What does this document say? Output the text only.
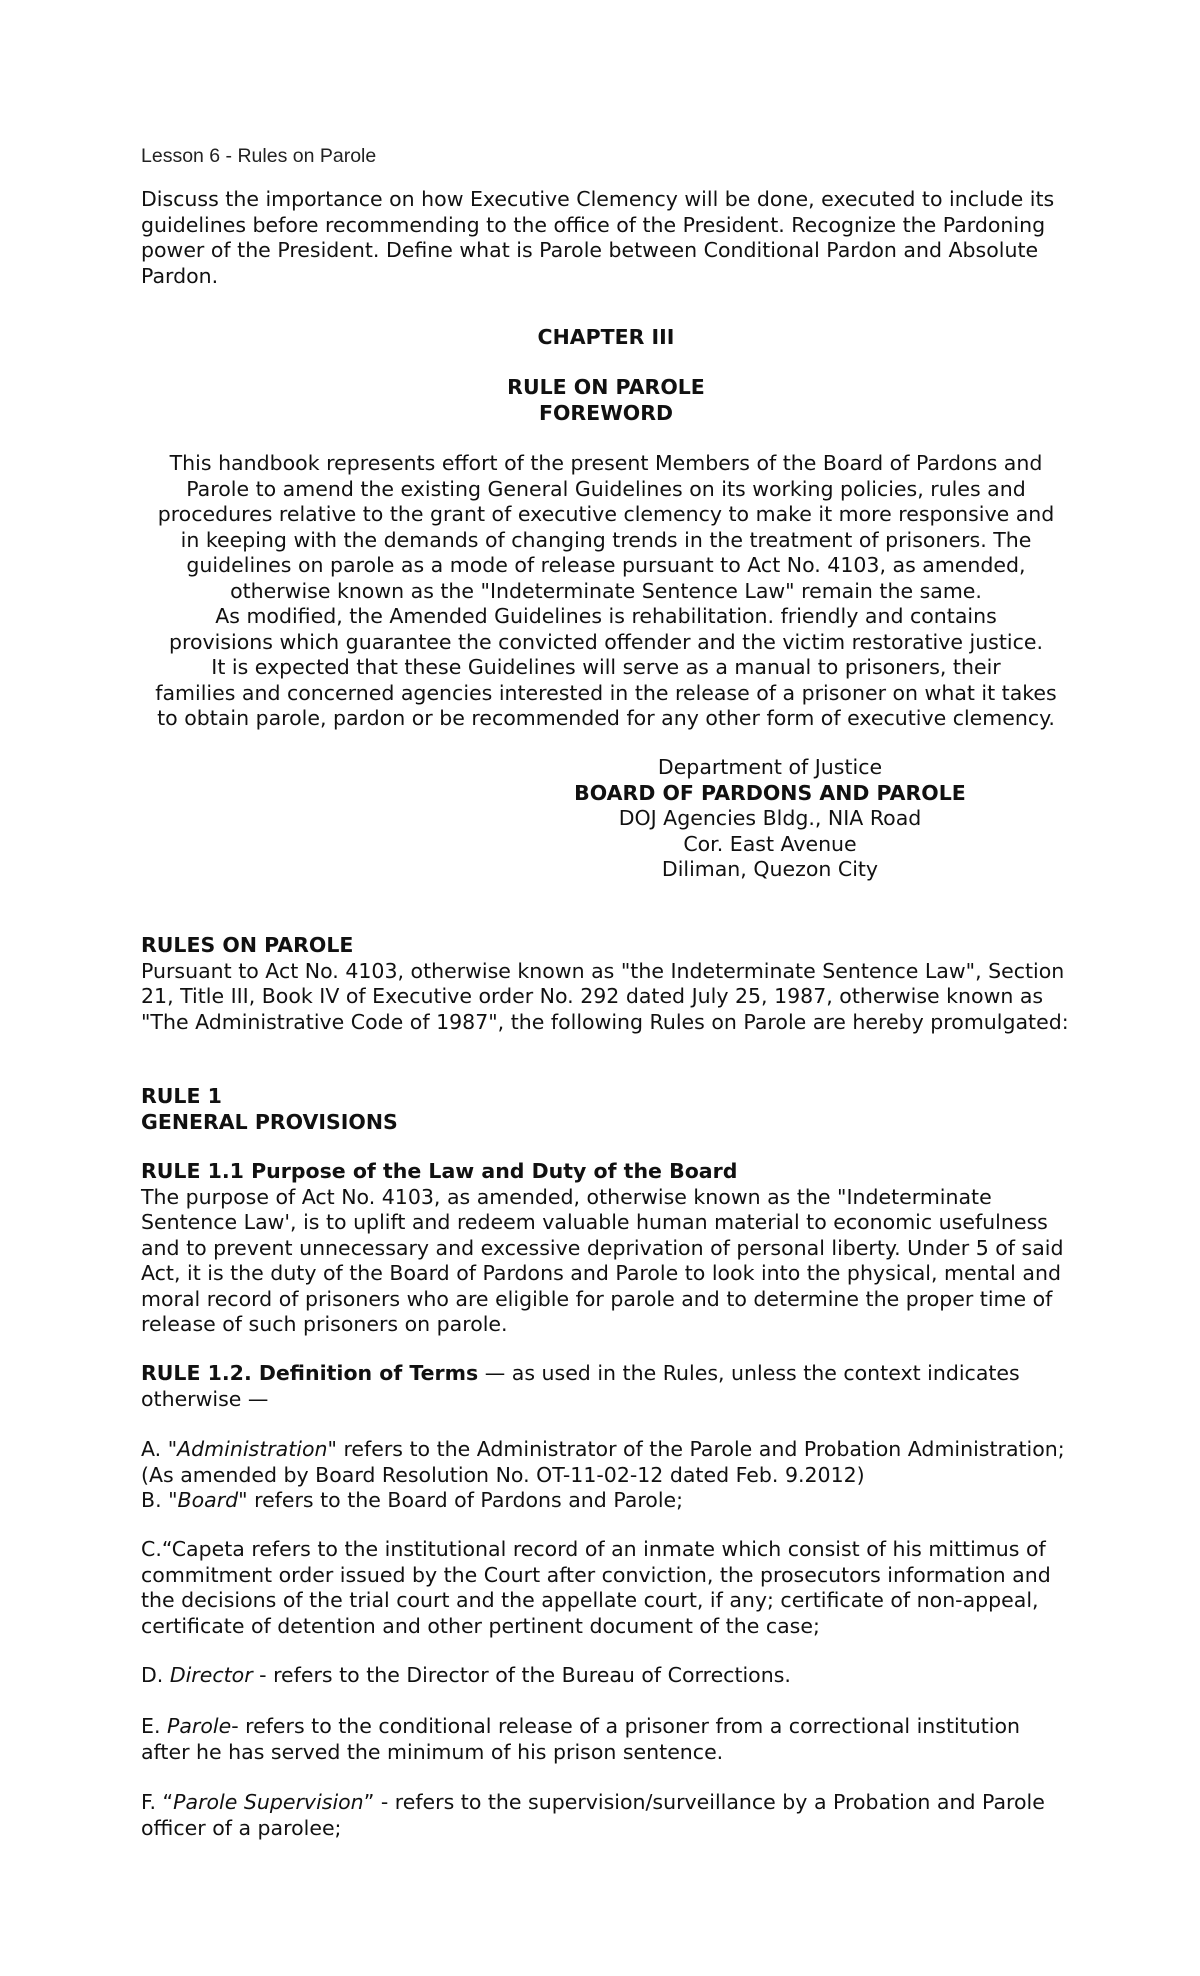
Lesson 6 - Rules on Parole

Discuss the importance on how Executive Clemency will be done, executed to include its guidelines before recommending to the office of the President. Recognize the Pardoning power of the President. Define what is Parole between Conditional Pardon and Absolute Pardon.

CHAPTER III
RULE ON PAROLE
FOREWORD
This handbook represents effort of the present Members of the Board of Pardons and
Parole to amend the existing General Guidelines on its working policies, rules and
procedures relative to the grant of executive clemency to make it more responsive and
in keeping with the demands of changing trends in the treatment of prisoners. The
guidelines on parole as a mode of release pursuant to Act No. 4103, as amended,
otherwise known as the "Indeterminate Sentence Law" remain the same.
As modified, the Amended Guidelines is rehabilitation. friendly and contains
provisions which guarantee the convicted offender and the victim restorative justice.
It is expected that these Guidelines will serve as a manual to prisoners, their
families and concerned agencies interested in the release of a prisoner on what it takes
to obtain parole, pardon or be recommended for any other form of executive clemency.
Department of Justice
BOARD OF PARDONS AND PAROLE
DOJ Agencies Bldg., NIA Road
Cor. East Avenue
Diliman, Quezon City
RULES ON PAROLE

Pursuant to Act No. 4103, otherwise known as "the Indeterminate Sentence Law", Section 21, Title III, Book IV of Executive order No. 292 dated July 25, 1987, otherwise known as "The Administrative Code of 1987", the following Rules on Parole are hereby promulgated:

RULE 1
GENERAL PROVISIONS
RULE 1.1 Purpose of the Law and Duty of the Board

The purpose of Act No. 4103, as amended, otherwise known as the "Indeterminate Sentence Law', is to uplift and redeem valuable human material to economic usefulness and to prevent unnecessary and excessive deprivation of personal liberty. Under 5 of said Act, it is the duty of the Board of Pardons and Parole to look into the physical, mental and moral record of prisoners who are eligible for parole and to determine the proper time of release of such prisoners on parole.

RULE 1.2. Definition of Terms — as used in the Rules, unless the context indicates otherwise —

A. "Administration" refers to the Administrator of the Parole and Probation Administration; (As amended by Board Resolution No. OT-11-02-12 dated Feb. 9.2012)

B. "Board" refers to the Board of Pardons and Parole;

C.“Capeta refers to the institutional record of an inmate which consist of his mittimus of commitment order issued by the Court after conviction, the prosecutors information and the decisions of the trial court and the appellate court, if any; certificate of non-appeal, certificate of detention and other pertinent document of the case;

D. Director - refers to the Director of the Bureau of Corrections.

E. Parole- refers to the conditional release of a prisoner from a correctional institution after he has served the minimum of his prison sentence.

F. “Parole Supervision” - refers to the supervision/surveillance by a Probation and Parole officer of a parolee;
